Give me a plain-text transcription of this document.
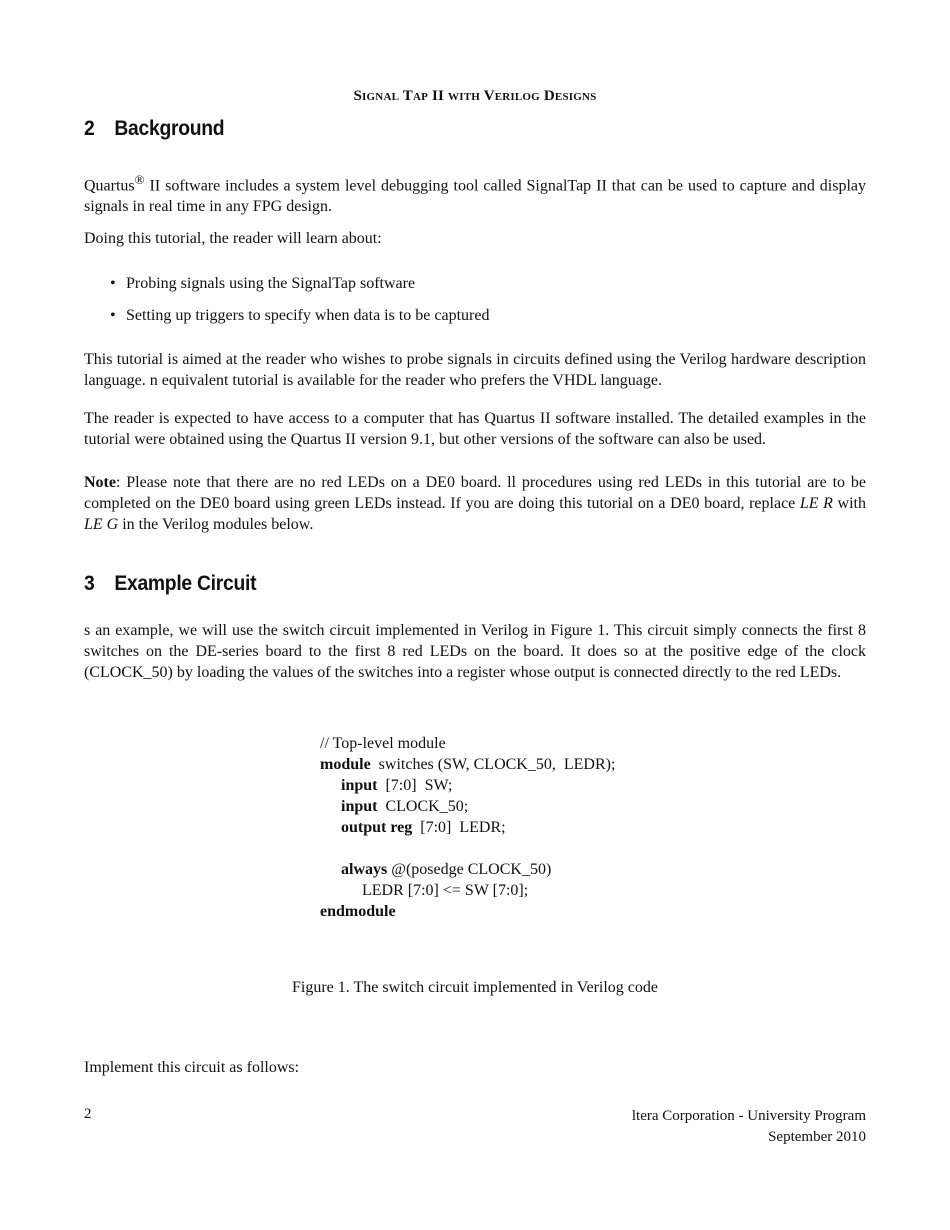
Signal Tap II with Verilog Designs
2 Background
Quartus® II software includes a system level debugging tool called SignalTap II that can be used to capture and display signals in real time in any FPG design.
Doing this tutorial, the reader will learn about:
• Probing signals using the SignalTap software
• Setting up triggers to specify when data is to be captured
This tutorial is aimed at the reader who wishes to probe signals in circuits defined using the Verilog hardware description language. n equivalent tutorial is available for the reader who prefers the VHDL language.
The reader is expected to have access to a computer that has Quartus II software installed. The detailed examples in the tutorial were obtained using the Quartus II version 9.1, but other versions of the software can also be used.
Note: Please note that there are no red LEDs on a DE0 board. ll procedures using red LEDs in this tutorial are to be completed on the DE0 board using green LEDs instead. If you are doing this tutorial on a DE0 board, replace LE R with LE G in the Verilog modules below.
3 Example Circuit
s an example, we will use the switch circuit implemented in Verilog in Figure 1. This circuit simply connects the first 8 switches on the DE-series board to the first 8 red LEDs on the board. It does so at the positive edge of the clock (CLOCK_50) by loading the values of the switches into a register whose output is connected directly to the red LEDs.
// Top-level module
module  switches (SW, CLOCK_50,  LEDR);
input  [7:0]  SW;
input  CLOCK_50;
output reg  [7:0]  LEDR;
always @(posedge CLOCK_50)
LEDR [7:0] <= SW [7:0];
endmodule
Figure 1. The switch circuit implemented in Verilog code
Implement this circuit as follows:
2	ltera Corporation - University Program
September 2010
